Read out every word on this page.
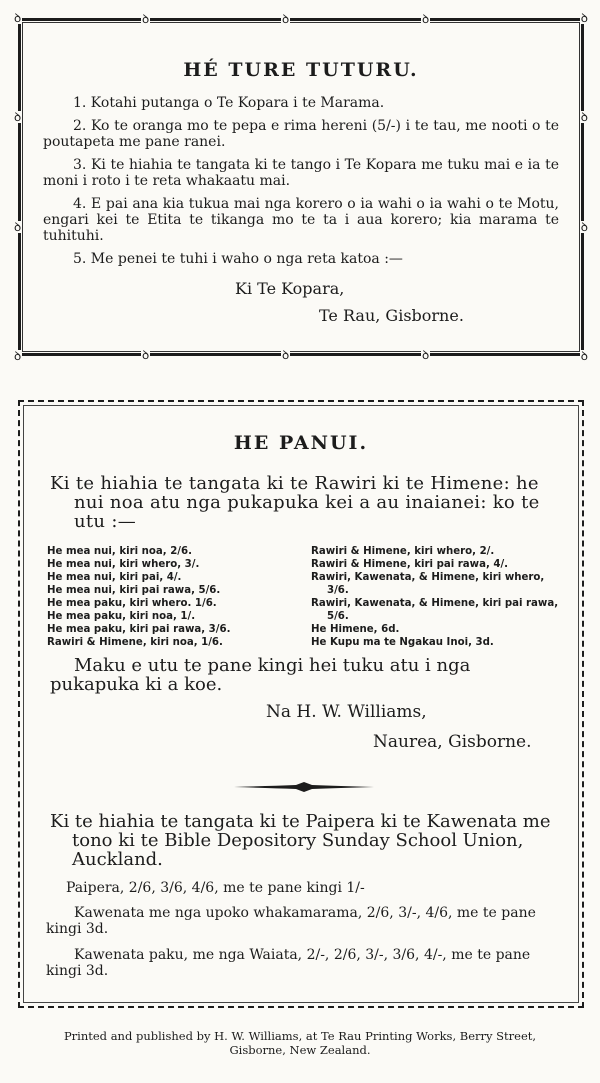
ꝺ	ꝺ
ꝺ	ꝺ
ꝺ	ꝺ	ꝺ
ꝺ	ꝺ	ꝺ
ꝺ
ꝺ
ꝺ
ꝺ

HÉ TURE TUTURU.

1. Kotahi putanga o Te Kopara i te Marama.

2. Ko te oranga mo te pepa e rima hereni (5/-) i te tau, me nooti o te poutapeta me pane ranei.

3. Ki te hiahia te tangata ki te tango i Te Kopara me tuku mai e ia te moni i roto i te reta whakaatu mai.

4. E pai ana kia tukua mai nga korero o ia wahi o ia wahi o te Motu, engari kei te Etita te tikanga mo te ta i aua korero; kia marama te tuhituhi.

5. Me penei te tuhi i waho o nga reta katoa :—

Ki Te Kopara,

Te Rau, Gisborne.

HE PANUI.

Ki te hiahia te tangata ki te Rawiri ki te Himene: he nui noa atu nga pukapuka kei a au inaianei: ko te utu :—

He mea nui, kiri noa, 2/6.
He mea nui, kiri whero, 3/.
He mea nui, kiri pai, 4/.
He mea nui, kiri pai rawa, 5/6.
He mea paku, kiri whero. 1/6.
He mea paku, kiri noa, 1/.
He mea paku, kiri pai rawa, 3/6.
Rawiri & Himene, kiri noa, 1/6.
Rawiri & Himene, kiri whero, 2/.
Rawiri & Himene, kiri pai rawa, 4/.
Rawiri, Kawenata, & Himene, kiri whero, 3/6.
Rawiri, Kawenata, & Himene, kiri pai rawa, 5/6.
He Himene, 6d.
He Kupu ma te Ngakau Inoi, 3d.

Maku e utu te pane kingi hei tuku atu i nga pukapuka ki a koe.

Na H. W. Williams,

Naurea, Gisborne.

Ki te hiahia te tangata ki te Paipera ki te Kawenata me tono ki te Bible Depository Sunday School Union, Auckland.

Paipera, 2/6, 3/6, 4/6, me te pane kingi 1/-

Kawenata me nga upoko whakamarama, 2/6, 3/-, 4/6, me te pane kingi 3d.

Kawenata paku, me nga Waiata, 2/-, 2/6, 3/-, 3/6, 4/-, me te pane kingi 3d.

Printed and published by H. W. Williams, at Te Rau Printing Works, Berry Street,
Gisborne, New Zealand.
